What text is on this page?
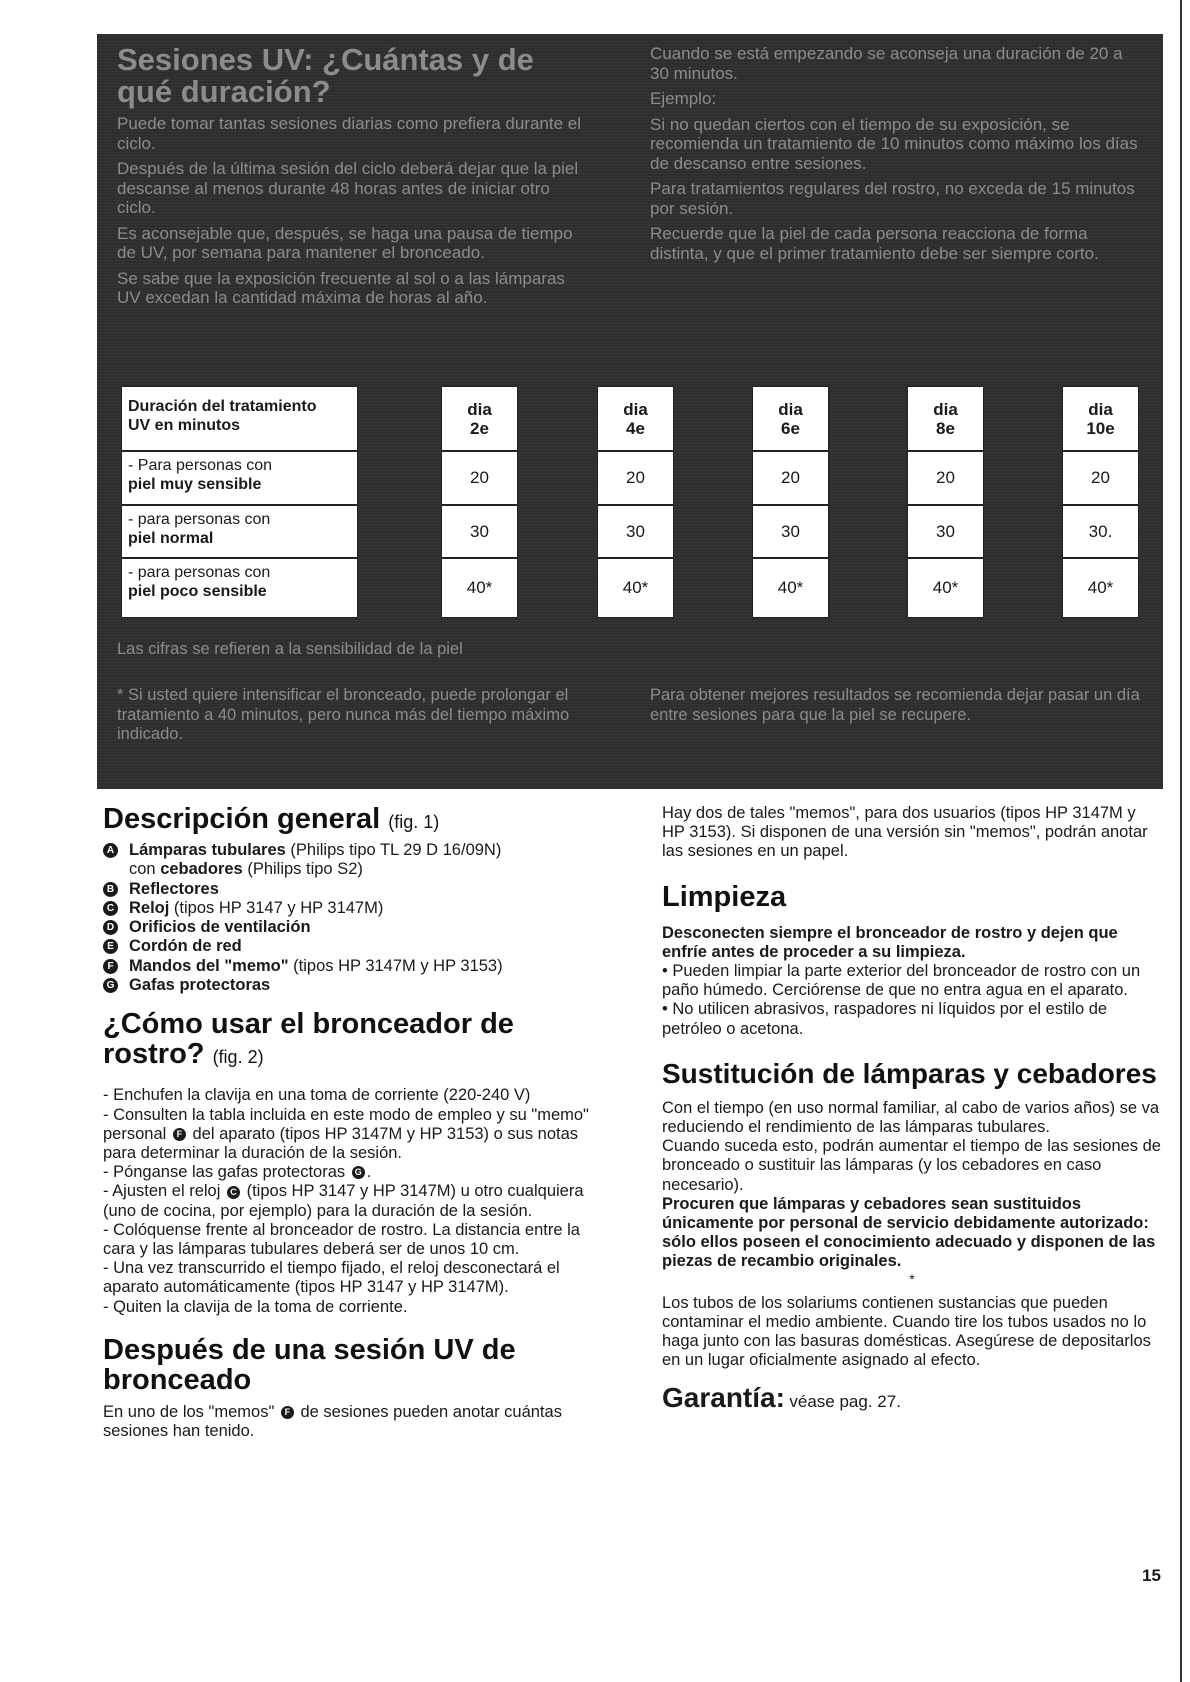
Sesiones UV: ¿Cuántas y de qué duración?

Puede tomar tantas sesiones diarias como prefiera durante el ciclo.

Después de la última sesión del ciclo deberá dejar que la piel descanse al menos durante 48 horas antes de iniciar otro ciclo.

Es aconsejable que, después, se haga una pausa de tiempo de UV, por semana para mantener el bronceado.

Se sabe que la exposición frecuente al sol o a las lámparas UV excedan la cantidad máxima de horas al año.

Cuando se está empezando se aconseja una duración de 20 a 30 minutos.

Ejemplo:

Si no quedan ciertos con el tiempo de su exposición, se recomienda un tratamiento de 10 minutos como máximo los días de descanso entre sesiones.

Para tratamientos regulares del rostro, no exceda de 15 minutos por sesión.

Recuerde que la piel de cada persona reacciona de forma distinta, y que el primer tratamiento debe ser siempre corto.

Las cifras se refieren a la sensibilidad de la piel
* Si usted quiere intensificar el bronceado, puede prolongar el tratamiento a 40 minutos, pero nunca más del tiempo máximo indicado.
Para obtener mejores resultados se recomienda dejar pasar un día entre sesiones para que la piel se recupere.
Duración del tratamiento
UV en minutos
- Para personas con
piel muy sensible
- para personas con
piel normal
- para personas con
piel poco sensible
dia
2e
20
30
40*
dia
4e
20
30
40*
dia
6e
20
30
40*
dia
8e
20
30
40*
dia
10e
20
30.
40*
Descripción general (fig. 1)
A Lámparas tubulares (Philips tipo TL 29 D 16/09N)
con cebadores (Philips tipo S2)
B Reflectores
C Reloj (tipos HP 3147 y HP 3147M)
D Orificios de ventilación
E Cordón de red
F Mandos del "memo" (tipos HP 3147M y HP 3153)
G Gafas protectoras
¿Cómo usar el bronceador de rostro? (fig. 2)

- Enchufen la clavija en una toma de corriente (220-240 V)

- Consulten la tabla incluida en este modo de empleo y su "memo" personal F del aparato (tipos HP 3147M y HP 3153) o sus notas para determinar la duración de la sesión.

- Pónganse las gafas protectoras G .

- Ajusten el reloj C (tipos HP 3147 y HP 3147M) u otro cualquiera (uno de cocina, por ejemplo) para la duración de la sesión.

- Colóquense frente al bronceador de rostro. La distancia entre la cara y las lámparas tubulares deberá ser de unos 10 cm.

- Una vez transcurrido el tiempo fijado, el reloj desconectará el aparato automáticamente (tipos HP 3147 y HP 3147M).

- Quiten la clavija de la toma de corriente.

Después de una sesión UV de bronceado

En uno de los "memos" F de sesiones pueden anotar cuántas sesiones han tenido.

Hay dos de tales "memos", para dos usuarios (tipos HP 3147M y HP 3153). Si disponen de una versión sin "memos", podrán anotar las sesiones en un papel.

Limpieza

Desconecten siempre el bronceador de rostro y dejen que enfríe antes de proceder a su limpieza.

• Pueden limpiar la parte exterior del bronceador de rostro con un paño húmedo. Cerciórense de que no entra agua en el aparato.

• No utilicen abrasivos, raspadores ni líquidos por el estilo de petróleo o acetona.

Sustitución de lámparas y cebadores

Con el tiempo (en uso normal familiar, al cabo de varios años) se va reduciendo el rendimiento de las lámparas tubulares.

Cuando suceda esto, podrán aumentar el tiempo de las sesiones de bronceado o sustituir las lámparas (y los cebadores en caso necesario).

Procuren que lámparas y cebadores sean sustituidos únicamente por personal de servicio debidamente autorizado: sólo ellos poseen el conocimiento adecuado y disponen de las piezas de recambio originales.

*

Los tubos de los solariums contienen sustancias que pueden contaminar el medio ambiente. Cuando tire los tubos usados no lo haga junto con las basuras domésticas. Asegúrese de depositarlos en un lugar oficialmente asignado al efecto.

Garantía: véase pag. 27.
15
